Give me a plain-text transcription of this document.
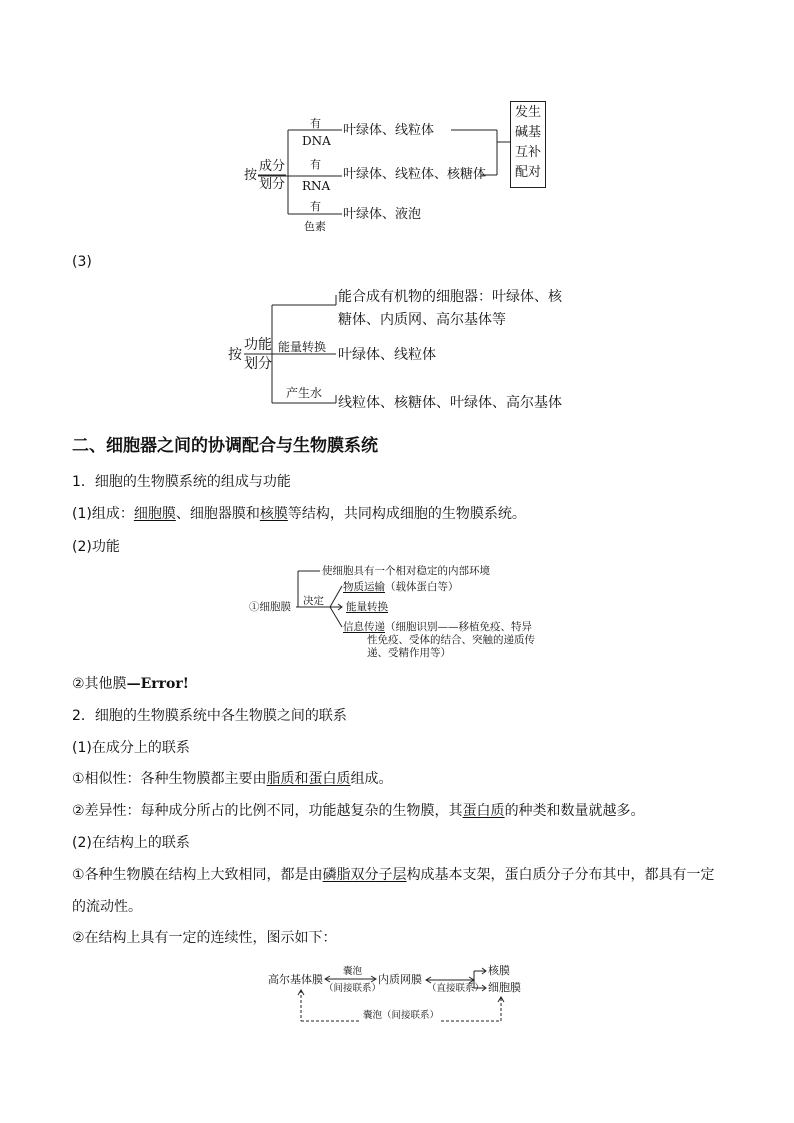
按
成分
划分
有
DNA
有
RNA
有
色素
叶绿体、线粒体
叶绿体、线粒体、核糖体
叶绿体、液泡
发生
碱基
互补
配对
(3)
按
功能
划分
能量转换
产生水
能合成有机物的细胞器：叶绿体、核
糖体、内质网、高尔基体等
叶绿体、线粒体
线粒体、核糖体、叶绿体、高尔基体
二、细胞器之间的协调配合与生物膜系统
1．细胞的生物膜系统的组成与功能
(1)组成：细胞膜、细胞器膜和核膜等结构，共同构成细胞的生物膜系统。
(2)功能
①细胞膜 决定
使细胞具有一个相对稳定的内部环境
物质运输（载体蛋白等）
能量转换
信息传递（细胞识别——移植免疫、特异
性免疫、受体的结合、突触的递质传
递、受精作用等）
②其他膜—Error!
2．细胞的生物膜系统中各生物膜之间的联系
(1)在成分上的联系
①相似性：各种生物膜都主要由脂质和蛋白质组成。
②差异性：每种成分所占的比例不同，功能越复杂的生物膜，其蛋白质的种类和数量就越多。
(2)在结构上的联系
①各种生物膜在结构上大致相同，都是由磷脂双分子层构成基本支架，蛋白质分子分布其中，都具有一定
的流动性。
②在结构上具有一定的连续性，图示如下：
高尔基体膜
囊泡
（间接联系）
内质网膜
（直接联系）
核膜
细胞膜
囊泡（间接联系）
